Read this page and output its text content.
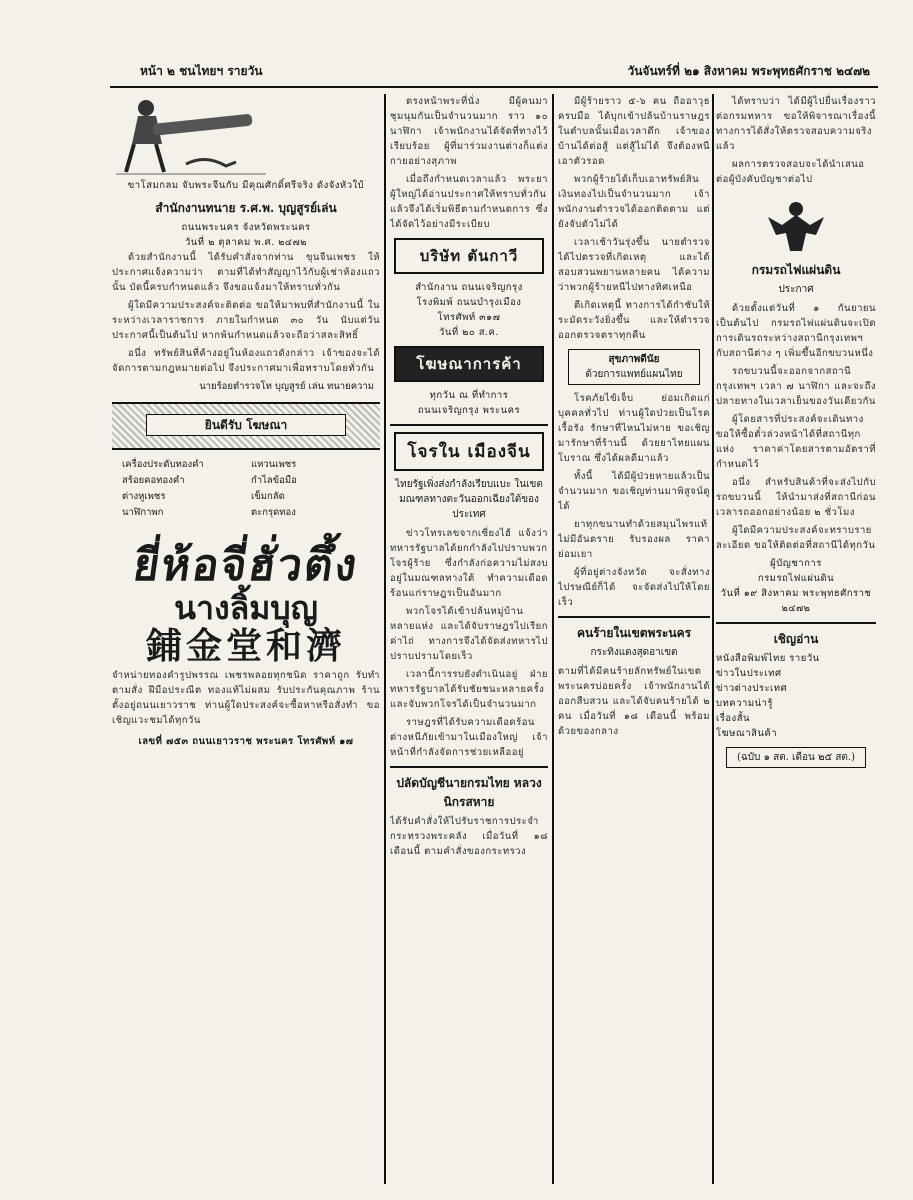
หน้า ๒ ชนไทยฯ รายวัน	วันจันทร์ที่ ๒๑ สิงหาคม พระพุทธศักราช ๒๔๗๒
ขาโสมกลม จับพระจีนกับ มีคุณศักดิ์ศรีจริง ดังจังหัวใบ้
สำนักงานทนาย ร.ศ.พ. บุญสูรย์เล่น
ถนนพระนคร จังหวัดพระนคร
วันที่ ๒ ตุลาคม พ.ศ. ๒๔๗๒

ด้วยสำนักงานนี้ ได้รับคำสั่งจากท่าน ขุนจีนเพชร ให้ประกาศแจ้งความว่า ตามที่ได้ทำสัญญาไว้กับผู้เช่าห้องแถวนั้น บัดนี้ครบกำหนดแล้ว จึงขอแจ้งมาให้ทราบทั่วกัน

ผู้ใดมีความประสงค์จะติดต่อ ขอให้มาพบที่สำนักงานนี้ ในระหว่างเวลาราชการ ภายในกำหนด ๓๐ วัน นับแต่วันประกาศนี้เป็นต้นไป หากพ้นกำหนดแล้วจะถือว่าสละสิทธิ์

อนึ่ง ทรัพย์สินที่ค้างอยู่ในห้องแถวดังกล่าว เจ้าของจะได้จัดการตามกฎหมายต่อไป จึงประกาศมาเพื่อทราบโดยทั่วกัน

นายร้อยตำรวจโท บุญสูรย์ เล่น ทนายความ
ยินดีรับ โฆษณา
เครื่องประดับทองคำ	แหวนเพชร
สร้อยคอทองคำ	กำไลข้อมือ
ต่างหูเพชร	เข็มกลัด
นาฬิกาพก	ตะกรุดทอง
ยี่ห้อจี่ฮั่วตึ้ง
นางลิ้มบุญ
鋪金堂和濟
จำหน่ายทองคำรูปพรรณ เพชรพลอยทุกชนิด ราคาถูก รับทำตามสั่ง ฝีมือประณีต ทองแท้ไม่ผสม รับประกันคุณภาพ ร้านตั้งอยู่ถนนเยาวราช ท่านผู้ใดประสงค์จะซื้อหาหรือสั่งทำ ขอเชิญแวะชมได้ทุกวัน
เลขที่ ๗๕๓ ถนนเยาวราช พระนคร โทรศัพท์ ๑๗

ตรงหน้าพระที่นั่ง มีผู้คนมาชุมนุมกันเป็นจำนวนมาก ราว ๑๐ นาฬิกา เจ้าพนักงานได้จัดที่ทางไว้เรียบร้อย ผู้ที่มาร่วมงานต่างก็แต่งกายอย่างสุภาพ

เมื่อถึงกำหนดเวลาแล้ว พระยาผู้ใหญ่ได้อ่านประกาศให้ทราบทั่วกัน แล้วจึงได้เริ่มพิธีตามกำหนดการ ซึ่งได้จัดไว้อย่างมีระเบียบ

บริษัท ตันกาวี
สำนักงาน ถนนเจริญกรุง
โรงพิมพ์ ถนนบำรุงเมือง
โทรศัพท์ ๓๑๗
วันที่ ๒๐ ส.ค.
โฆษณาการค้า
ทุกวัน ณ ที่ทำการ
ถนนเจริญกรุง พระนคร
โจรใน เมืองจีน
ไทยรัฐเพิ่งส่งกำลังเรียบแบะ ในเขตมณฑลทางตะวันออกเฉียงใต้ของประเทศ

ข่าวโทรเลขจากเซี่ยงไฮ้ แจ้งว่า ทหารรัฐบาลได้ยกกำลังไปปราบพวกโจรผู้ร้าย ซึ่งกำลังก่อความไม่สงบอยู่ในมณฑลทางใต้ ทำความเดือดร้อนแก่ราษฎรเป็นอันมาก

พวกโจรได้เข้าปล้นหมู่บ้านหลายแห่ง และได้จับราษฎรไปเรียกค่าไถ่ ทางการจึงได้จัดส่งทหารไปปราบปรามโดยเร็ว

เวลานี้การรบยังดำเนินอยู่ ฝ่ายทหารรัฐบาลได้รับชัยชนะหลายครั้ง และจับพวกโจรได้เป็นจำนวนมาก

ราษฎรที่ได้รับความเดือดร้อน ต่างหนีภัยเข้ามาในเมืองใหญ่ เจ้าหน้าที่กำลังจัดการช่วยเหลืออยู่

ปลัดบัญชีนายกรมไทย หลวงนิกรสหาย
ได้รับคำสั่งให้ไปรับราชการประจำกระทรวงพระคลัง เมื่อวันที่ ๑๘ เดือนนี้ ตามคำสั่งของกระทรวง

มีผู้ร้ายราว ๕-๖ คน ถืออาวุธครบมือ ได้บุกเข้าปล้นบ้านราษฎรในตำบลนั้นเมื่อเวลาดึก เจ้าของบ้านได้ต่อสู้ แต่สู้ไม่ได้ จึงต้องหนีเอาตัวรอด

พวกผู้ร้ายได้เก็บเอาทรัพย์สินเงินทองไปเป็นจำนวนมาก เจ้าพนักงานตำรวจได้ออกติดตาม แต่ยังจับตัวไม่ได้

เวลาเช้าวันรุ่งขึ้น นายตำรวจได้ไปตรวจที่เกิดเหตุ และได้สอบสวนพยานหลายคน ได้ความว่าพวกผู้ร้ายหนีไปทางทิศเหนือ

ตีเกิดเหตุนี้ ทางการได้กำชับให้ระมัดระวังยิ่งขึ้น และให้ตำรวจออกตรวจตราทุกคืน

สุขภาพดีนัย
ด้วยการแพทย์แผนไทย

โรคภัยไข้เจ็บ ย่อมเกิดแก่บุคคลทั่วไป ท่านผู้ใดป่วยเป็นโรคเรื้อรัง รักษาที่ไหนไม่หาย ขอเชิญมารักษาที่ร้านนี้ ด้วยยาไทยแผนโบราณ ซึ่งได้ผลดีมาแล้ว

ทั้งนี้ ได้มีผู้ป่วยหายแล้วเป็นจำนวนมาก ขอเชิญท่านมาพิสูจน์ดูได้

ยาทุกขนานทำด้วยสมุนไพรแท้ ไม่มีอันตราย รับรองผล ราคาย่อมเยา

ผู้ที่อยู่ต่างจังหวัด จะสั่งทางไปรษณีย์ก็ได้ จะจัดส่งไปให้โดยเร็ว

คนร้ายในเขตพระนคร
กระทิงแดงสุดอาเขต
ตามที่ได้มีคนร้ายลักทรัพย์ในเขตพระนครบ่อยครั้ง เจ้าพนักงานได้ออกสืบสวน และได้จับคนร้ายได้ ๒ คน เมื่อวันที่ ๑๘ เดือนนี้ พร้อมด้วยของกลาง

ได้ทราบว่า ได้มีผู้ไปยื่นเรื่องราวต่อกรมทหาร ขอให้พิจารณาเรื่องนี้ ทางการได้สั่งให้ตรวจสอบความจริงแล้ว

ผลการตรวจสอบจะได้นำเสนอต่อผู้บังคับบัญชาต่อไป

กรมรถไฟแผ่นดิน
ประกาศ

ด้วยตั้งแต่วันที่ ๑ กันยายน เป็นต้นไป กรมรถไฟแผ่นดินจะเปิดการเดินรถระหว่างสถานีกรุงเทพฯ กับสถานีต่าง ๆ เพิ่มขึ้นอีกขบวนหนึ่ง

รถขบวนนี้จะออกจากสถานีกรุงเทพฯ เวลา ๗ นาฬิกา และจะถึงปลายทางในเวลาเย็นของวันเดียวกัน

ผู้โดยสารที่ประสงค์จะเดินทาง ขอให้ซื้อตั๋วล่วงหน้าได้ที่สถานีทุกแห่ง ราคาค่าโดยสารตามอัตราที่กำหนดไว้

อนึ่ง สำหรับสินค้าที่จะส่งไปกับรถขบวนนี้ ให้นำมาส่งที่สถานีก่อนเวลารถออกอย่างน้อย ๒ ชั่วโมง

ผู้ใดมีความประสงค์จะทราบรายละเอียด ขอให้ติดต่อที่สถานีได้ทุกวัน

ผู้บัญชาการ
กรมรถไฟแผ่นดิน
วันที่ ๑๙ สิงหาคม พระพุทธศักราช ๒๔๗๒
เชิญอ่าน
หนังสือพิมพ์ไทย รายวัน
ข่าวในประเทศ
ข่าวต่างประเทศ
บทความน่ารู้
เรื่องสั้น
โฆษณาสินค้า
(ฉบับ ๑ สต. เดือน ๒๕ สต.)
